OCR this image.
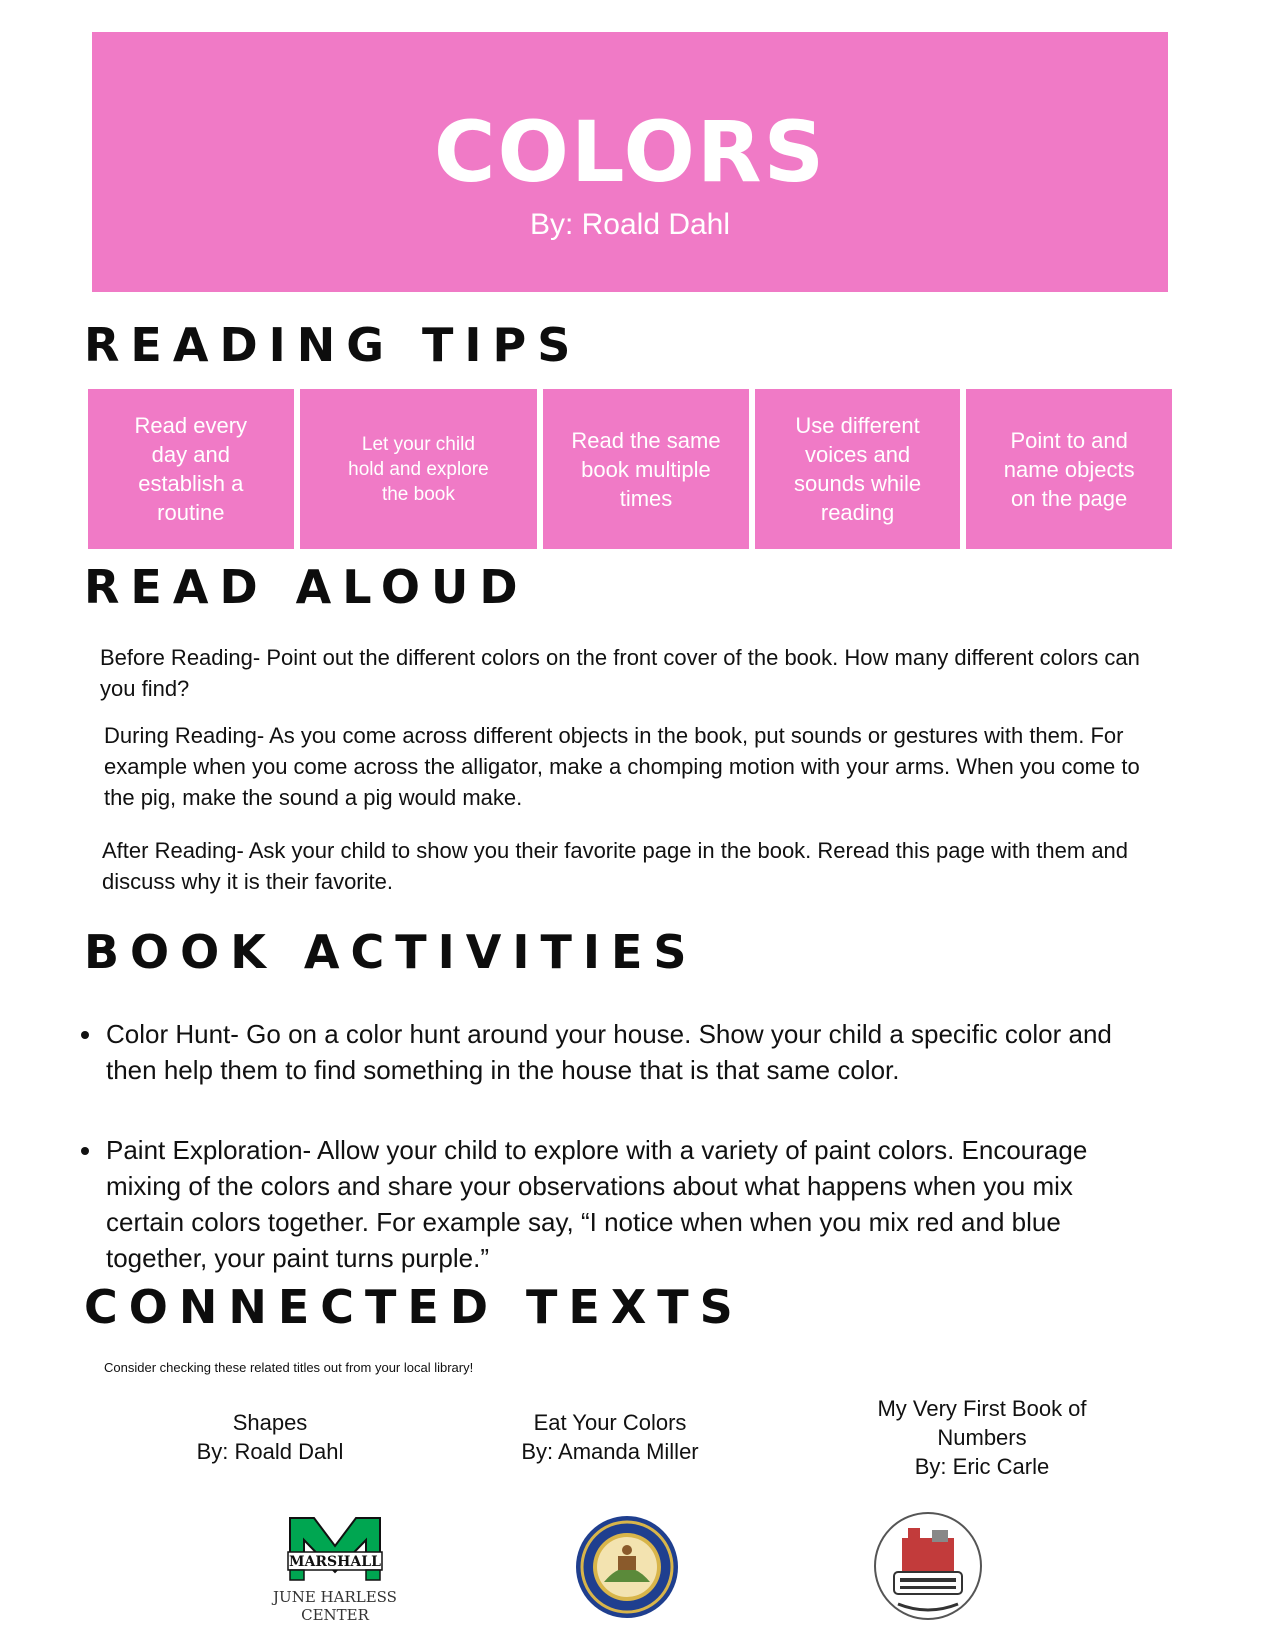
COLORS
By: Roald Dahl
READING TIPS
Read every day and establish a routine
Let your child hold and explore the book
Read the same book multiple times
Use different voices and sounds while reading
Point to and name objects on the page
READ ALOUD
Before Reading- Point out the different colors on the front cover of the book. How many different colors can you find?
During Reading- As you come across different objects in the book, put sounds or gestures with them. For example when you come across the alligator, make a chomping motion with your arms. When you come to the pig, make the sound a pig would make.
After Reading- Ask your child to show you their favorite page in the book. Reread this page with them and discuss why it is their favorite.
BOOK ACTIVITIES
• Color Hunt- Go on a color hunt around your house. Show your child a specific color and then help them to find something in the house that is that same color.
• Paint Exploration- Allow your child to explore with a variety of paint colors. Encourage mixing of the colors and share your observations about what happens when you mix certain colors together. For example say, “I notice when when you mix red and blue together, your paint turns purple.”
CONNECTED TEXTS
Consider checking these related titles out from your local library!
Shapes
By: Roald Dahl
Eat Your Colors
By: Amanda Miller
My Very First Book of Numbers
By: Eric Carle
MARSHALL
JUNE HARLESS
CENTER
